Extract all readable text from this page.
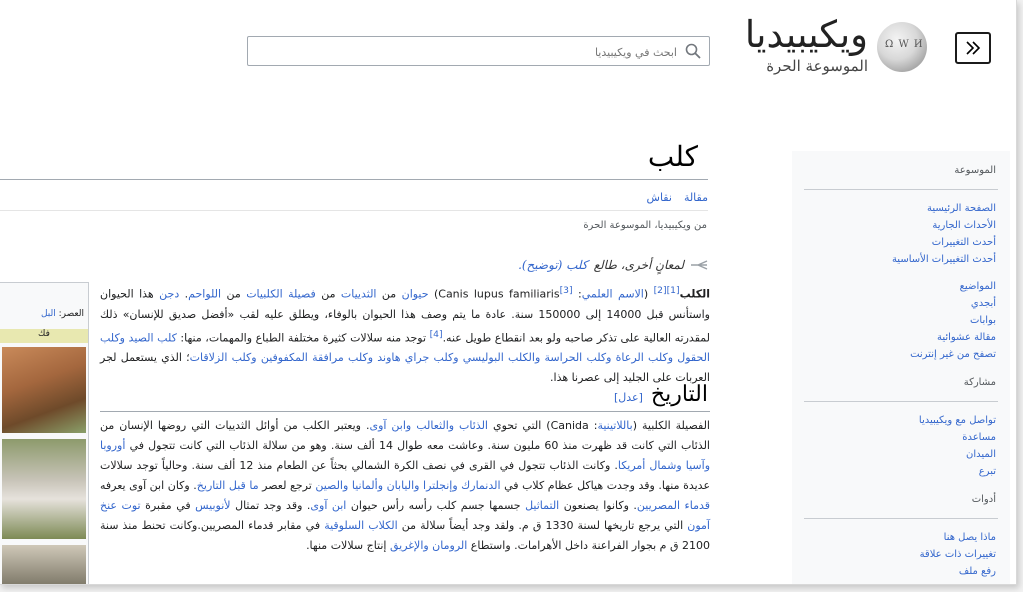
Ω W И
ويكيبيديا
الموسوعة الحرة
ابحث في ويكيبيديا
الموسوعة
الصفحة الرئيسية
الأحداث الجارية
أحدث التغييرات
أحدث التغييرات الأساسية
المواضيع
أبجدي
بوابات
مقالة عشوائية
تصفح من غير إنترنت
مشاركة
تواصل مع ويكيبيديا
مساعدة
الميدان
تبرع
أدوات
ماذا يصل هنا
تغييرات ذات علاقة
رفع ملف
العصر: البل
فك
كلب
مقالة
نقاش
من ويكيبيديا، الموسوعة الحرة
لمعانٍ أخرى، طالع
كلب (توضيح).

الكلب[1][2] (الاسم العلمي: Canis lupus familiaris[3]) حيوان من الثدييات من فصيلة الكلبيات من اللواحم. دجن هذا الحيوان واستأنس قبل 14000 إلى 150000 سنة. عادة ما يتم وصف هذا الحيوان بالوفاء، ويطلق عليه لقب «أفضل صديق للإنسان» ذلك لمقدرته العالية على تذكر صاحبه ولو بعد انقطاع طويل عنه.[4] توجد منه سلالات كثيرة مختلفة الطباع والمهمات، منها: كلب الصيد وكلب الحقول وكلب الرعاة وكلب الحراسة والكلب البوليسي وكلب جراي هاوند وكلب مرافقة المكفوفين وكلب الزلاقات؛ الذي يستعمل لجر العربات على الجليد إلى عصرنا هذا.

التاريخ
[عدل]

الفصيلة الكلبية (باللاتينية: Canida) التي تحوي الذئاب والثعالب وابن آوى. ويعتبر الكلب من أوائل الثدييات التي روضها الإنسان من الذئاب التي كانت قد ظهرت منذ 60 مليون سنة. وعاشت معه طوال 14 ألف سنة. وهو من سلالة الذئاب التي كانت تتجول في أوروبا وآسيا وشمال أمريكا. وكانت الذئاب تتجول في القرى في نصف الكرة الشمالي بحثاً عن الطعام منذ 12 ألف سنة. وحالياً توجد سلالات عديدة منها. وقد وجدت هياكل عظام كلاب في الدنمارك وإنجلترا واليابان وألمانيا والصين ترجع لعصر ما قبل التاريخ. وكان ابن آوى يعرفه قدماء المصريين. وكانوا يصنعون التماثيل جسمها جسم كلب رأسه رأس حيوان ابن آوى. وقد وجد تمثال لأنوبيس في مقبرة توت عنخ آمون التي يرجع تاريخها لسنة 1330 ق م. ولقد وجد أيضاً سلالة من الكلاب السلوقية في مقابر قدماء المصريين.وكانت تحنط منذ سنة 2100 ق م بجوار الفراعنة داخل الأهرامات. واستطاع الرومان والإغريق إنتاج سلالات منها.
